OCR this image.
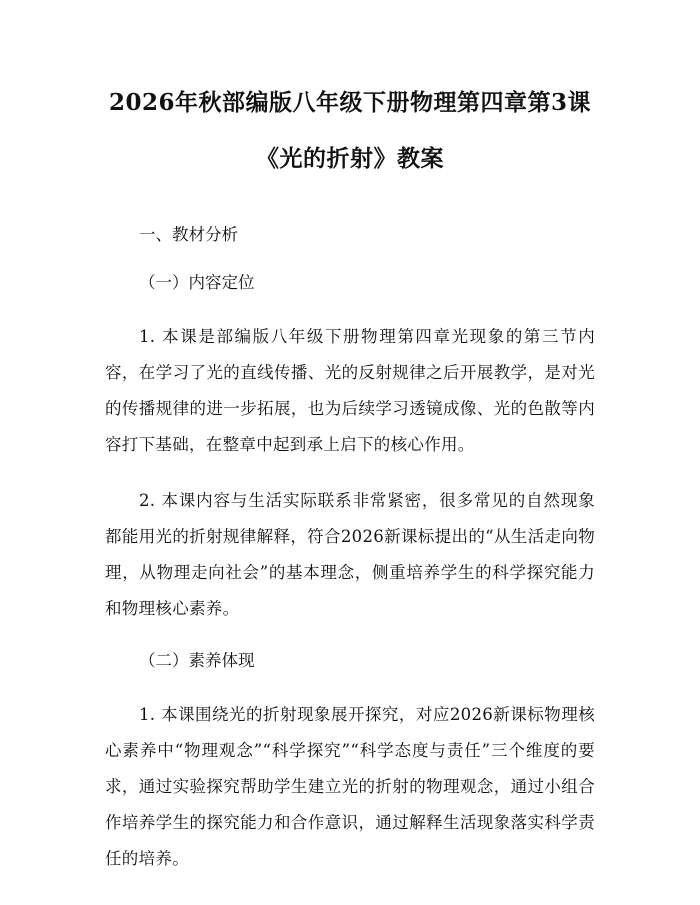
2026年秋部编版八年级下册物理第四章第3课《光的折射》教案
一、教材分析
（一）内容定位

1. 本课是部编版八年级下册物理第四章光现象的第三节内容，在学习了光的直线传播、光的反射规律之后开展教学，是对光的传播规律的进一步拓展，也为后续学习透镜成像、光的色散等内容打下基础，在整章中起到承上启下的核心作用。

2. 本课内容与生活实际联系非常紧密，很多常见的自然现象都能用光的折射规律解释，符合2026新课标提出的“从生活走向物理，从物理走向社会”的基本理念，侧重培养学生的科学探究能力和物理核心素养。

（二）素养体现

1. 本课围绕光的折射现象展开探究，对应2026新课标物理核心素养中“物理观念”“科学探究”“科学态度与责任”三个维度的要求，通过实验探究帮助学生建立光的折射的物理观念，通过小组合作培养学生的探究能力和合作意识，通过解释生活现象落实科学责任的培养。
